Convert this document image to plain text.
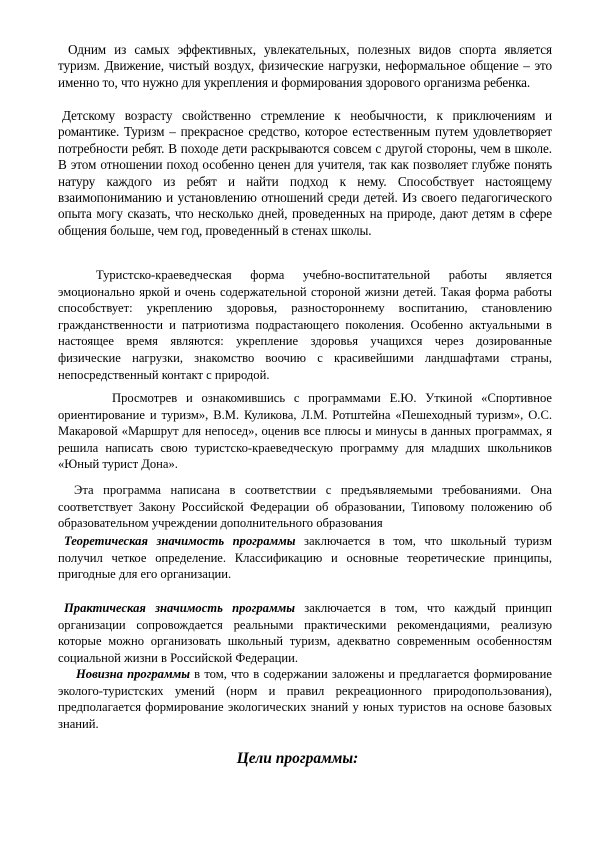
Одним из самых эффективных, увлекательных, полезных видов спорта является туризм. Движение, чистый воздух, физические нагрузки, неформальное общение – это именно то, что нужно для укрепления и формирования здорового организма ребенка.

Детскому возрасту свойственно стремление к необычности, к приключениям и романтике. Туризм – прекрасное средство, которое естественным путем удовлетворяет потребности ребят. В походе дети раскрываются совсем с другой стороны, чем в школе. В этом отношении поход особенно ценен для учителя, так как позволяет глубже понять натуру каждого из ребят и найти подход к нему. Способствует настоящему взаимопониманию и установлению отношений среди детей. Из своего педагогического опыта могу сказать, что несколько дней, проведенных на природе, дают детям в сфере общения больше, чем год, проведенный в стенах школы.

Туристско-краеведческая форма учебно-воспитательной работы является эмоционально яркой и очень содержательной стороной жизни детей. Такая форма работы способствует: укреплению здоровья, разностороннему воспитанию, становлению гражданственности и патриотизма подрастающего поколения. Особенно актуальными в настоящее время являются: укрепление здоровья учащихся через дозированные физические нагрузки, знакомство воочию с красивейшими ландшафтами страны, непосредственный контакт с природой.

Просмотрев и ознакомившись с программами Е.Ю. Уткиной «Спортивное ориентирование и туризм», В.М. Куликова, Л.М. Ротштейна «Пешеходный туризм», О.С. Макаровой «Маршрут для непосед», оценив все плюсы и минусы в данных программах, я решила написать свою туристско-краеведческую программу для младших школьников «Юный турист Дона».

Эта программа написана в соответствии с предъявляемыми требованиями. Она соответствует Закону Российской Федерации об образовании, Типовому положению об образовательном учреждении дополнительного образования

Теоретическая значимость программы заключается в том, что школьный туризм получил четкое определение. Классификацию и основные теоретические принципы, пригодные для его организации.

Практическая значимость программы заключается в том, что каждый принцип организации сопровождается реальными практическими рекомендациями, реализую которые можно организовать школьный туризм, адекватно современным особенностям социальной жизни в Российской Федерации.

Новизна программы в том, что в содержании заложены и предлагается формирование эколого-туристских умений (норм и правил рекреационного природопользования), предполагается формирование экологических знаний у юных туристов на основе базовых знаний.

Цели программы:
